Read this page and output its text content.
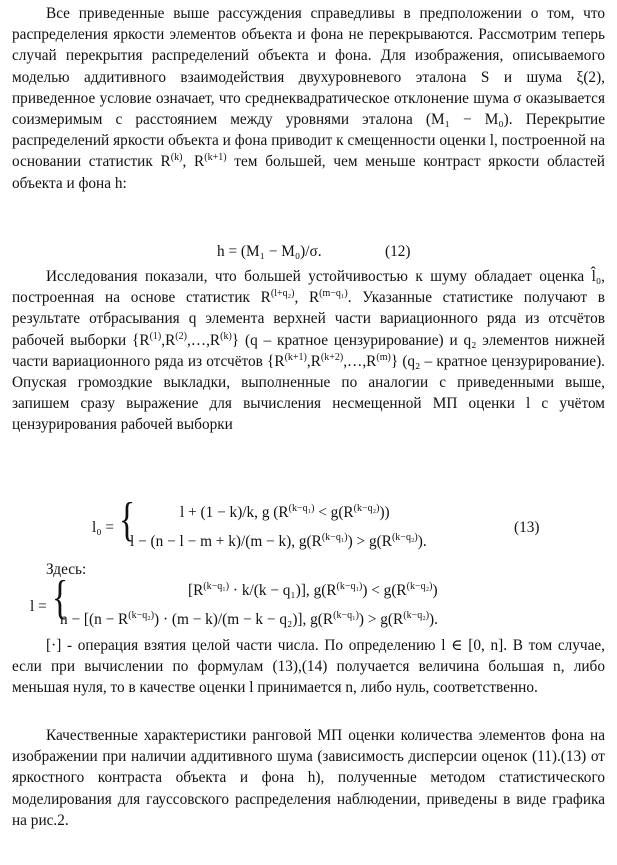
Все приведенные выше рассуждения справедливы в предположении о том, что распределения яркости элементов объекта и фона не перекрываются. Рассмотрим теперь случай перекрытия распределений объекта и фона. Для изображения, описываемого моделью аддитивного взаимодействия двухуровневого эталона S и шума ξ(2), приведенное условие означает, что среднеквадратическое отклонение шума σ оказывается соизмеримым с расстоянием между уровнями эталона (M₁ − M₀). Перекрытие распределений яркости объекта и фона приводит к смещенности оценки l, построенной на основании статистик $R^{(k)}$, $R^{(k+1)}$ тем большей, чем меньше контраст яркости областей объекта и фона h:

h = (M₁ − M₀)/σ.	(12)

Исследования показали, что большей устойчивостью к шуму обладает оценка l̂₀, построенная на основе статистик $R^{(l+q_2)}$, $R^{(m-q_1)}$. Указанные статистике получают в результате отбрасывания q элемента верхней части вариационного ряда из отсчётов рабочей выборки $\{R^{(1)},R^{(2)},\dots,R^{(k)}\}$ (q – кратное цензурирование) и q₂ элементов нижней части вариационного ряда из отсчётов $\{R^{(k+1)},R^{(k+2)},\dots,R^{(m)}\}$ (q₂ – кратное цензурирование). Опуская громоздкие выкладки, выполненные по аналогии с приведенными выше, запишем сразу выражение для вычисления несмещенной МП оценки l с учётом цензурирования рабочей выборки

l₀ = {	l + (1 − k)/k, g $(R^{(k-q_1)} < g(R^{(k-q_2)}))$
l − (n − l − m + k)/(m − k), $g(R^{(k-q_1)}) > g(R^{(k-q_2)})$.
(13)
Здесь:
l = {	$[R^{(k-q_1)} \cdot k/(k - q_1)]$, $g(R^{(k-q_1)}) < g(R^{(k-q_2)})$
$n - [(n - R^{(k-q_2)}) \cdot (m - k)/(m - k - q_2)]$, $g(R^{(k-q_1)}) > g(R^{(k-q_2)})$.

[·] - операция взятия целой части числа. По определению l ∈ [0, n]. В том случае, если при вычислении по формулам (13),(14) получается величина большая n, либо меньшая нуля, то в качестве оценки l принимается n, либо нуль, соответственно.

Качественные характеристики ранговой МП оценки количества элементов фона на изображении при наличии аддитивного шума (зависимость дисперсии оценок (11).(13) от яркостного контраста объекта и фона h), полученные методом статистического моделирования для гауссовского распределения наблюдении, приведены в виде графика на рис.2.
